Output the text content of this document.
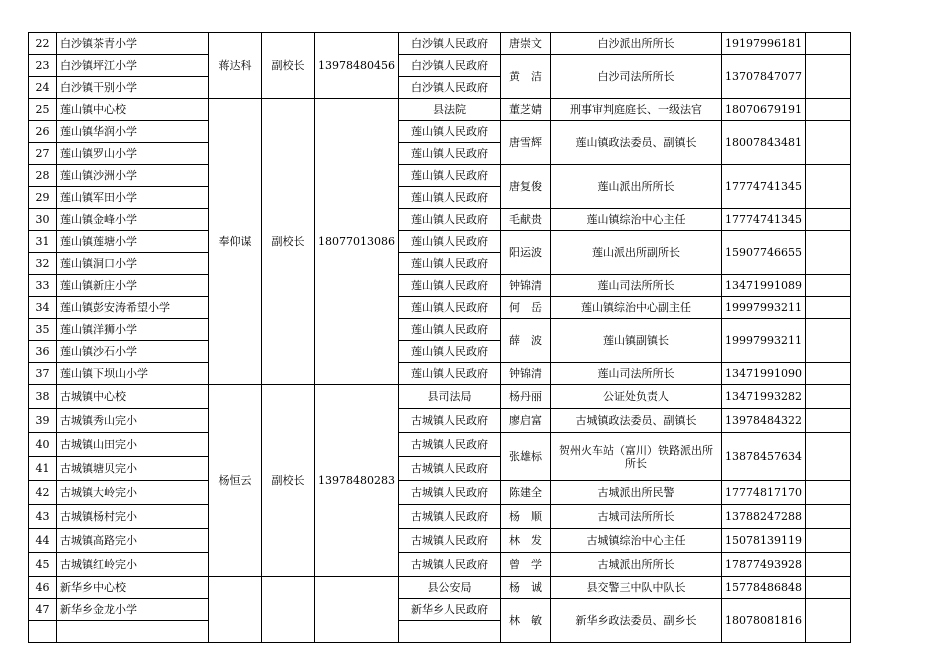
22	白沙镇茶青小学	蒋达科	副校长	13978480456	白沙镇人民政府	唐崇文	白沙派出所所长	19197996181	
23	白沙镇坪江小学				白沙镇人民政府	黄　洁	白沙司法所所长	13707847077	
24	白沙镇干别小学				白沙镇人民政府				
25	莲山镇中心校	奉仰谋	副校长	18077013086	县法院	董芝婧	刑事审判庭庭长、一级法官	18070679191	
26	莲山镇华润小学				莲山镇人民政府	唐雪辉	莲山镇政法委员、副镇长	18007843481	
27	莲山镇罗山小学				莲山镇人民政府				
28	莲山镇沙洲小学				莲山镇人民政府	唐复俊	莲山派出所所长	17774741345	
29	莲山镇军田小学				莲山镇人民政府				
30	莲山镇金峰小学				莲山镇人民政府	毛献贵	莲山镇综治中心主任	17774741345	
31	莲山镇莲塘小学				莲山镇人民政府	阳运波	莲山派出所副所长	15907746655	
32	莲山镇洞口小学				莲山镇人民政府				
33	莲山镇新庄小学				莲山镇人民政府	钟锦清	莲山司法所所长	13471991089	
34	莲山镇彭安涛希望小学				莲山镇人民政府	何　岳	莲山镇综治中心副主任	19997993211	
35	莲山镇洋狮小学				莲山镇人民政府	薛　波	莲山镇副镇长	19997993211	
36	莲山镇沙石小学				莲山镇人民政府				
37	莲山镇下坝山小学				莲山镇人民政府	钟锦清	莲山司法所所长	13471991090	
38	古城镇中心校	杨恒云	副校长	13978480283	县司法局	杨丹丽	公证处负责人	13471993282	
39	古城镇秀山完小				古城镇人民政府	廖启富	古城镇政法委员、副镇长	13978484322	
40	古城镇山田完小				古城镇人民政府	张雄标	贺州火车站（富川）铁路派出所所长	13878457634	
41	古城镇塘贝完小				古城镇人民政府				
42	古城镇大岭完小				古城镇人民政府	陈建全	古城派出所民警	17774817170	
43	古城镇杨村完小				古城镇人民政府	杨　顺	古城司法所所长	13788247288	
44	古城镇高路完小				古城镇人民政府	林　发	古城镇综治中心主任	15078139119	
45	古城镇红岭完小				古城镇人民政府	曾　学	古城派出所所长	17877493928	
46	新华乡中心校				县公安局	杨　诚	县交警三中队中队长	15778486848	
47	新华乡金龙小学				新华乡人民政府	林　敏	新华乡政法委员、副乡长	18078081816	
